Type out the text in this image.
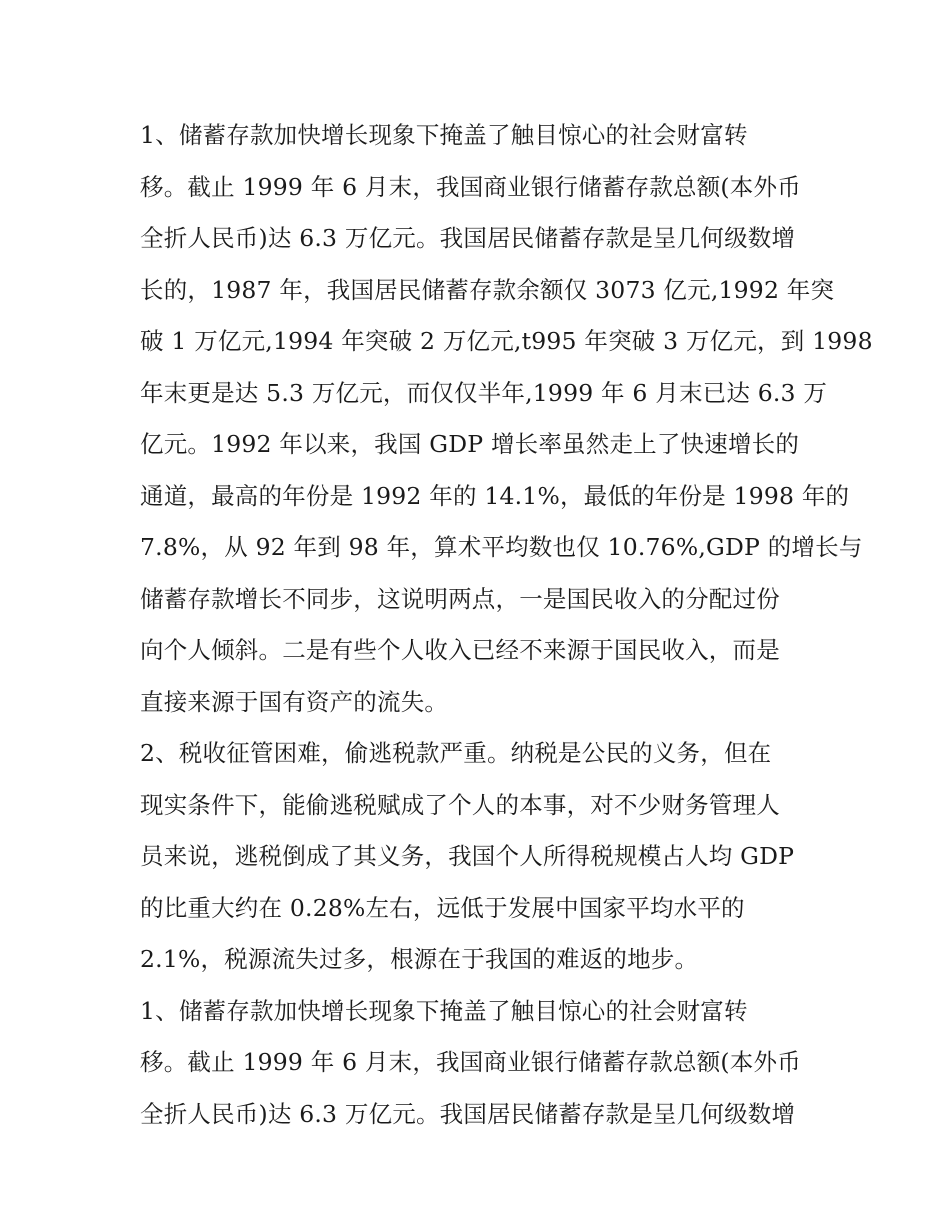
1、储蓄存款加快增长现象下掩盖了触目惊心的社会财富转
移。截止 1999 年 6 月末，我国商业银行储蓄存款总额(本外币
全折人民币)达 6.3 万亿元。我国居民储蓄存款是呈几何级数增
长的，1987 年，我国居民储蓄存款余额仅 3073 亿元,1992 年突
破 1 万亿元,1994 年突破 2 万亿元,t995 年突破 3 万亿元，到 1998
年末更是达 5.3 万亿元，而仅仅半年,1999 年 6 月末已达 6.3 万
亿元。1992 年以来，我国 GDP 增长率虽然走上了快速增长的
通道，最高的年份是 1992 年的 14.1%，最低的年份是 1998 年的
7.8%，从 92 年到 98 年，算术平均数也仅 10.76%,GDP 的增长与
储蓄存款增长不同步，这说明两点，一是国民收入的分配过份
向个人倾斜。二是有些个人收入已经不来源于国民收入，而是
直接来源于国有资产的流失。
2、税收征管困难，偷逃税款严重。纳税是公民的义务，但在
现实条件下，能偷逃税赋成了个人的本事，对不少财务管理人
员来说，逃税倒成了其义务，我国个人所得税规模占人均 GDP
的比重大约在 0.28%左右，远低于发展中国家平均水平的
2.1%，税源流失过多，根源在于我国的难返的地步。
1、储蓄存款加快增长现象下掩盖了触目惊心的社会财富转
移。截止 1999 年 6 月末，我国商业银行储蓄存款总额(本外币
全折人民币)达 6.3 万亿元。我国居民储蓄存款是呈几何级数增
